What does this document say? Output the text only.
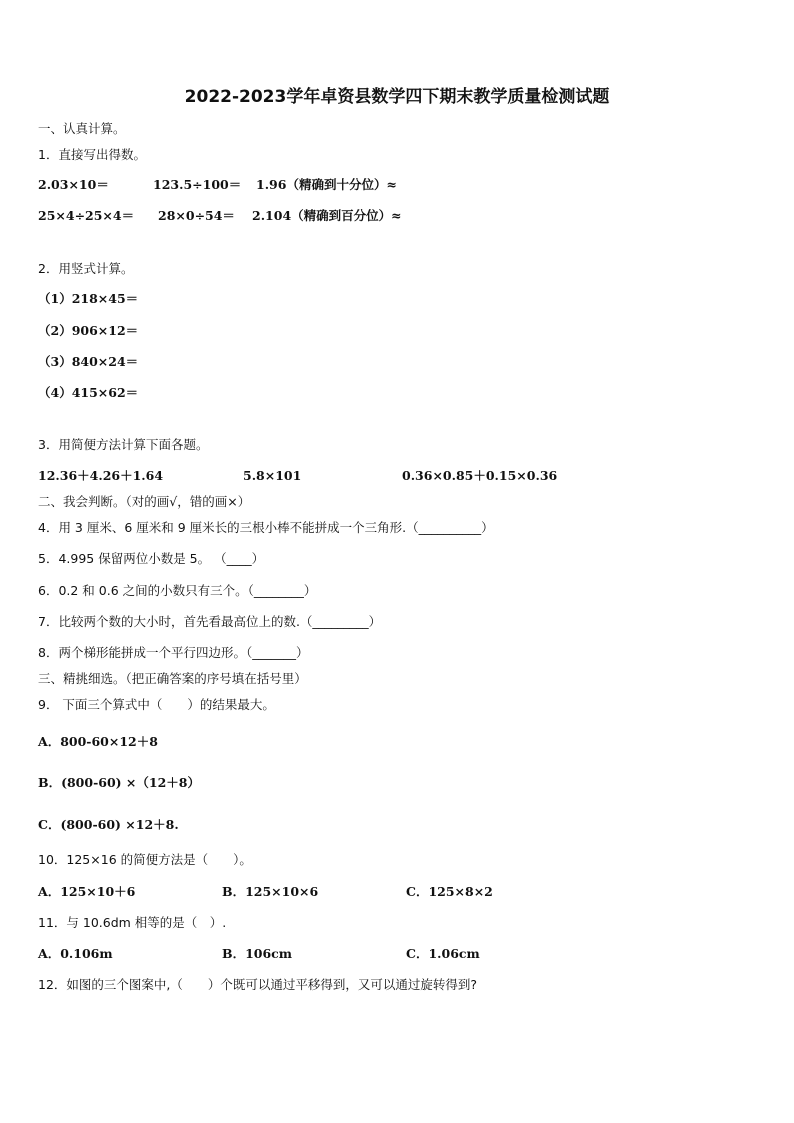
2022-2023学年卓资县数学四下期末教学质量检测试题
一、认真计算。
1．直接写出得数。
2.03×10＝	123.5÷100＝ 1.96（精确到十分位）≈
25×4÷25×4＝ 28×0÷54＝ 2.104（精确到百分位）≈
2．用竖式计算。
（1）218×45＝
（2）906×12＝
（3）840×24＝
（4）415×62＝
3．用简便方法计算下面各题。
12.36＋4.26＋1.64	5.8×101	0.36×0.85＋0.15×0.36
二、我会判断。（对的画√，错的画×）
4．用 3 厘米、6 厘米和 9 厘米长的三根小棒不能拼成一个三角形.（__________）
5．4.995 保留两位小数是 5。 （____）
6．0.2 和 0.6 之间的小数只有三个。（________）
7．比较两个数的大小时，首先看最高位上的数.（_________）
8．两个梯形能拼成一个平行四边形。（_______）
三、精挑细选。（把正确答案的序号填在括号里）
9． 下面三个算式中（　　）的结果最大。
A．800-60×12＋8
B．(800-60) ×（12＋8）
C．(800-60) ×12＋8.
10．125×16 的简便方法是（　　）。
A．125×10＋6	B．125×10×6	C．125×8×2
11．与 10.6dm 相等的是（　）.
A．0.106m	B．106cm	C．1.06cm
12．如图的三个图案中,（　　）个既可以通过平移得到，又可以通过旋转得到?
